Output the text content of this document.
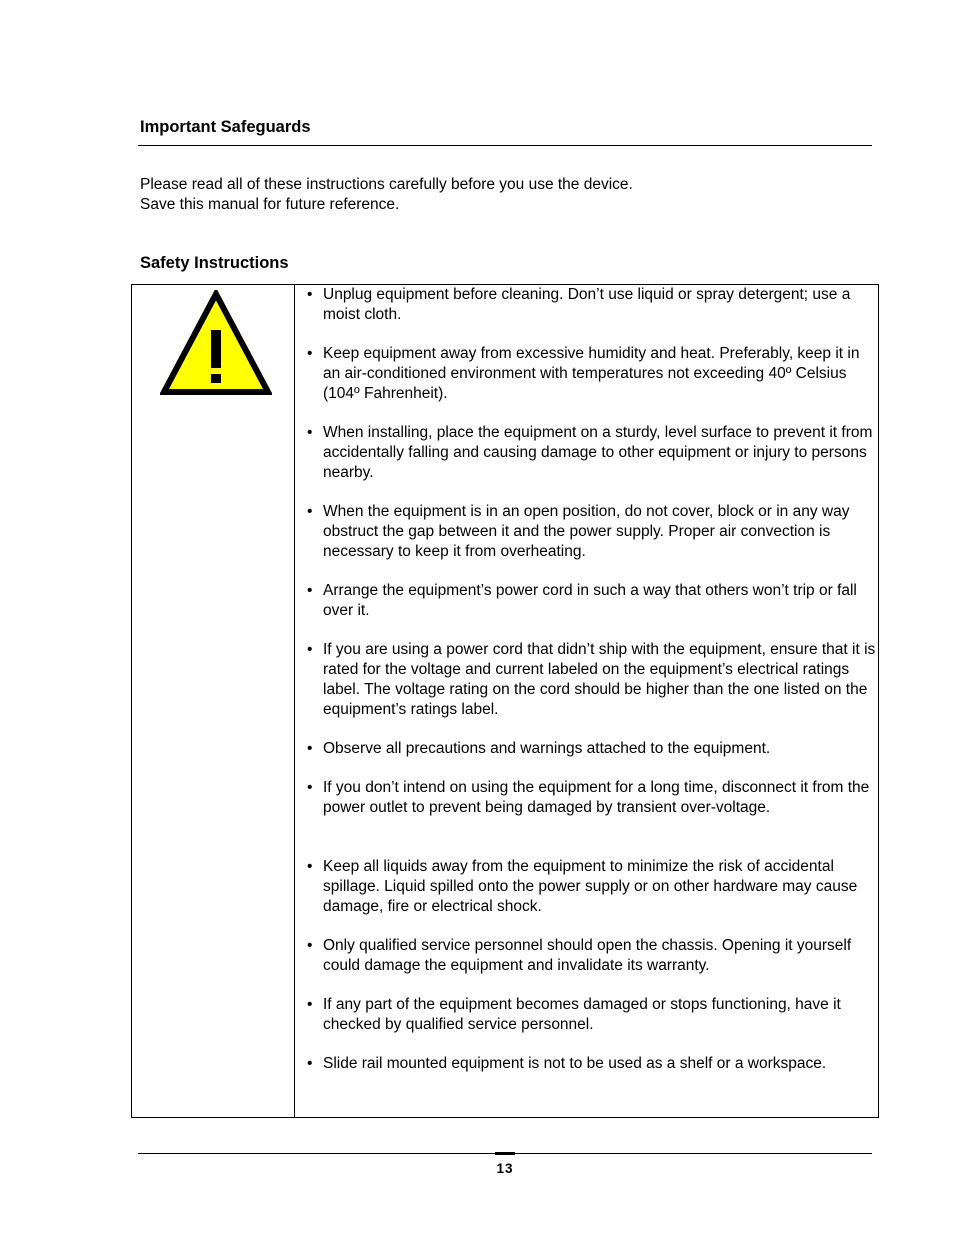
Important Safeguards

Please read all of these instructions carefully before you use the device.

Save this manual for future reference.

Safety Instructions
• Unplug equipment before cleaning. Don’t use liquid or spray detergent; use a moist cloth.
• Keep equipment away from excessive humidity and heat. Preferably, keep it in an air-conditioned environment with temperatures not exceeding 40º Celsius (104º Fahrenheit).
• When installing, place the equipment on a sturdy, level surface to prevent it from accidentally falling and causing damage to other equipment or injury to persons nearby.
• When the equipment is in an open position, do not cover, block or in any way obstruct the gap between it and the power supply. Proper air convection is necessary to keep it from overheating.
• Arrange the equipment’s power cord in such a way that others won’t trip or fall over it.
• If you are using a power cord that didn’t ship with the equipment, ensure that it is rated for the voltage and current labeled on the equipment’s electrical ratings label. The voltage rating on the cord should be higher than the one listed on the equipment’s ratings label.
• Observe all precautions and warnings attached to the equipment.
• If you don’t intend on using the equipment for a long time, disconnect it from the power outlet to prevent being damaged by transient over-voltage.
• Keep all liquids away from the equipment to minimize the risk of accidental spillage. Liquid spilled onto the power supply or on other hardware may cause damage, fire or electrical shock.
• Only qualified service personnel should open the chassis. Opening it yourself could damage the equipment and invalidate its warranty.
• If any part of the equipment becomes damaged or stops functioning, have it checked by qualified service personnel.
• Slide rail mounted equipment is not to be used as a shelf or a workspace.
13
